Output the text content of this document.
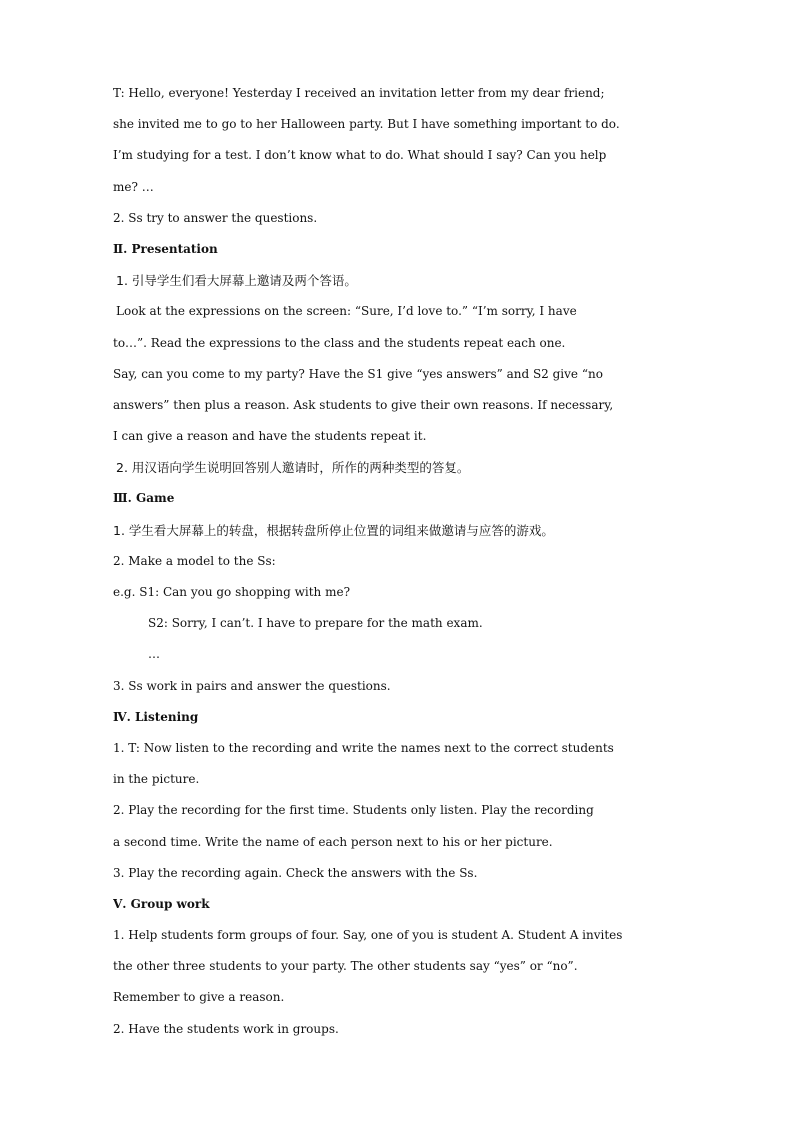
T: Hello, everyone! Yesterday I received an invitation letter from my dear friend;
she invited me to go to her Halloween party. But I have something important to do.
I’m studying for a test. I don’t know what to do. What should I say? Can you help
me? …
2. Ss try to answer the questions.
Ⅱ. Presentation
1. 引导学生们看大屏幕上邀请及两个答语。
Look at the expressions on the screen: “Sure, I’d love to.” “I’m sorry, I have
to…”. Read the expressions to the class and the students repeat each one.
Say, can you come to my party? Have the S1 give “yes answers” and S2 give “no
answers” then plus a reason. Ask students to give their own reasons. If necessary,
I can give a reason and have the students repeat it.
2. 用汉语向学生说明回答别人邀请时，所作的两种类型的答复。
Ⅲ. Game
1. 学生看大屏幕上的转盘，根据转盘所停止位置的词组来做邀请与应答的游戏。
2. Make a model to the Ss:
e.g. S1: Can you go shopping with me?
S2: Sorry, I can’t. I have to prepare for the math exam.
…
3. Ss work in pairs and answer the questions.
Ⅳ. Listening
1. T: Now listen to the recording and write the names next to the correct students
in the picture.
2. Play the recording for the first time. Students only listen. Play the recording
a second time. Write the name of each person next to his or her picture.
3. Play the recording again. Check the answers with the Ss.
Ⅴ. Group work
1. Help students form groups of four. Say, one of you is student A. Student A invites
the other three students to your party. The other students say “yes” or “no”.
Remember to give a reason.
2. Have the students work in groups.
